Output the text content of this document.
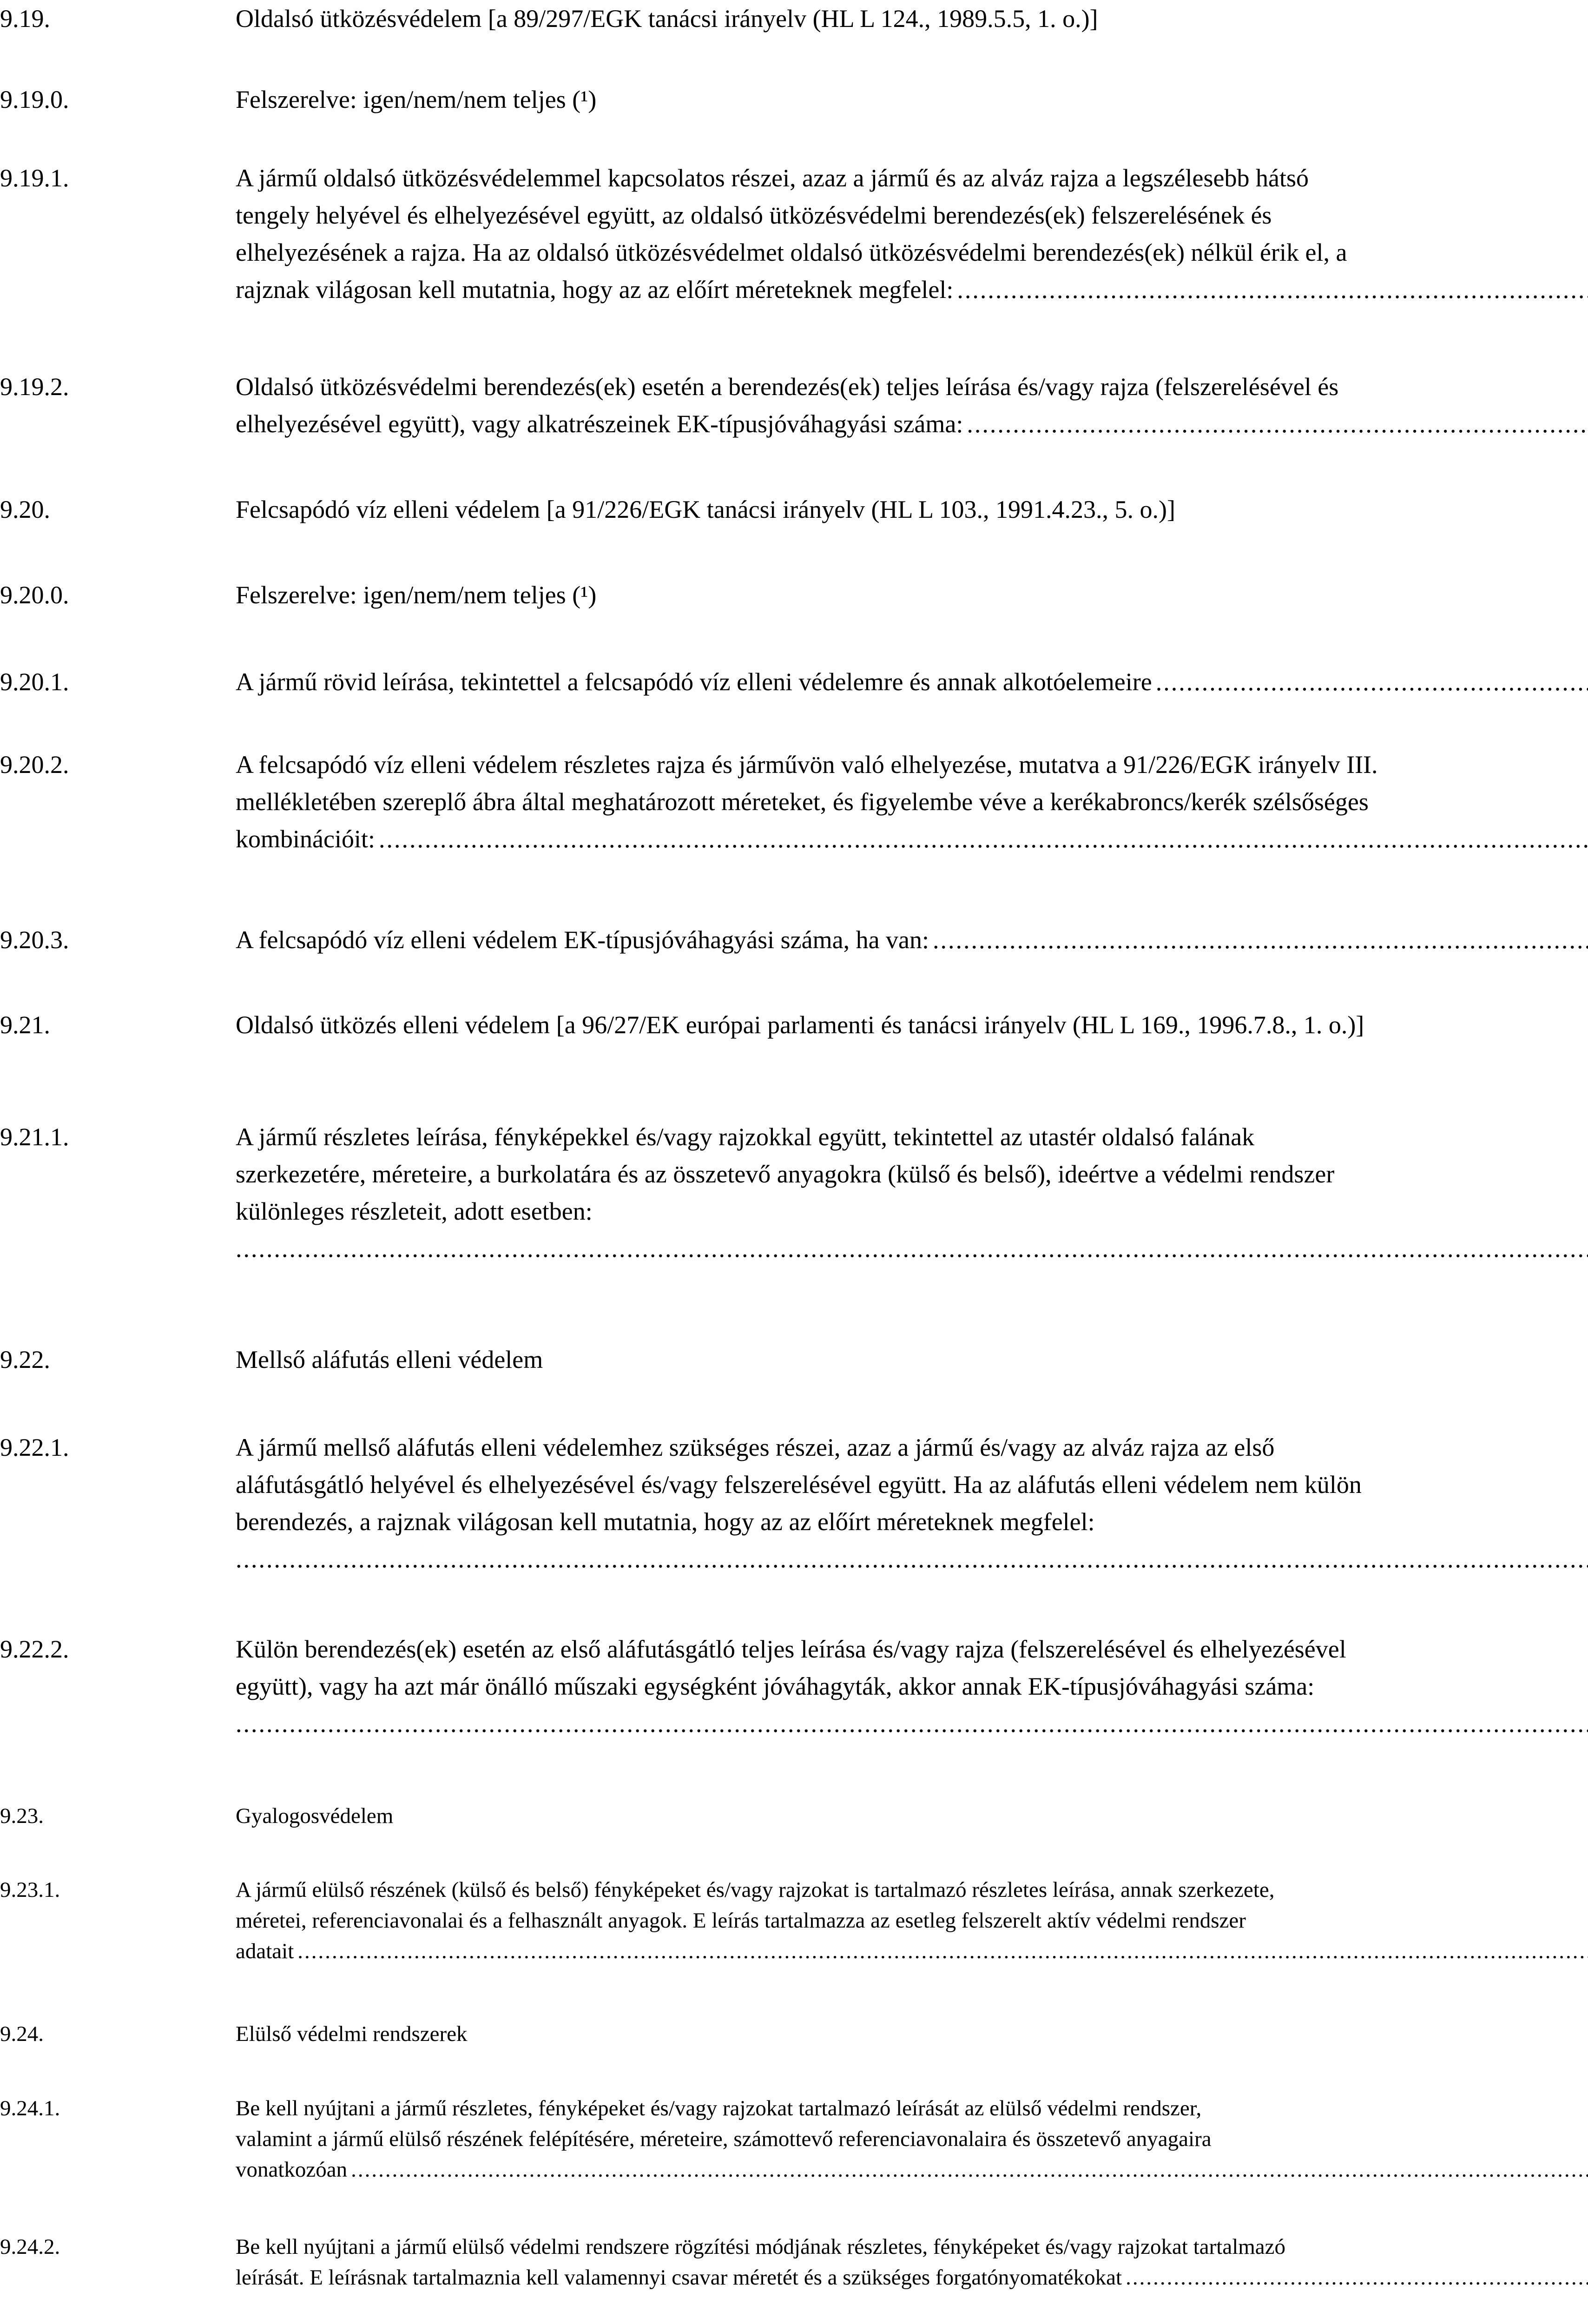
9.19.	Oldalsó ütközésvédelem [a 89/297/EGK tanácsi irányelv (HL L 124., 1989.5.5, 1. o.)]
9.19.0.	Felszerelve: igen/nem/nem teljes (¹)
9.19.1.	A jármű oldalsó ütközésvédelemmel kapcsolatos részei, azaz a jármű és az alváz rajza a legszélesebb hátsó
tengely helyével és elhelyezésével együtt, az oldalsó ütközésvédelmi berendezés(ek) felszerelésének és
elhelyezésének a rajza. Ha az oldalsó ütközésvédelmet oldalsó ütközésvédelmi berendezés(ek) nélkül érik el, a
rajznak világosan kell mutatnia, hogy az az előírt méreteknek megfelel:
.....
9.19.2.	Oldalsó ütközésvédelmi berendezés(ek) esetén a berendezés(ek) teljes leírása és/vagy rajza (felszerelésével és
elhelyezésével együtt), vagy alkatrészeinek EK-típusjóváhagyási száma:
.....
9.20.	Felcsapódó víz elleni védelem [a 91/226/EGK tanácsi irányelv (HL L 103., 1991.4.23., 5. o.)]
9.20.0.	Felszerelve: igen/nem/nem teljes (¹)
9.20.1.	A jármű rövid leírása, tekintettel a felcsapódó víz elleni védelemre és annak alkotóelemeire
.....
9.20.2.	A felcsapódó víz elleni védelem részletes rajza és járművön való elhelyezése, mutatva a 91/226/EGK irányelv III.
mellékletében szereplő ábra által meghatározott méreteket, és figyelembe véve a kerékabroncs/kerék szélsőséges
kombinációit:
.....
9.20.3.	A felcsapódó víz elleni védelem EK-típusjóváhagyási száma, ha van:
.....
9.21.	Oldalsó ütközés elleni védelem [a 96/27/EK európai parlamenti és tanácsi irányelv (HL L 169., 1996.7.8., 1. o.)]
9.21.1.	A jármű részletes leírása, fényképekkel és/vagy rajzokkal együtt, tekintettel az utastér oldalsó falának
szerkezetére, méreteire, a burkolatára és az összetevő anyagokra (külső és belső), ideértve a védelmi rendszer
különleges részleteit, adott esetben:
.....
9.22.	Mellső aláfutás elleni védelem
9.22.1.	A jármű mellső aláfutás elleni védelemhez szükséges részei, azaz a jármű és/vagy az alváz rajza az első
aláfutásgátló helyével és elhelyezésével és/vagy felszerelésével együtt. Ha az aláfutás elleni védelem nem külön
berendezés, a rajznak világosan kell mutatnia, hogy az az előírt méreteknek megfelel:
.....
9.22.2.	Külön berendezés(ek) esetén az első aláfutásgátló teljes leírása és/vagy rajza (felszerelésével és elhelyezésével
együtt), vagy ha azt már önálló műszaki egységként jóváhagyták, akkor annak EK-típusjóváhagyási száma:
.....
9.23.	Gyalogosvédelem
9.23.1.	A jármű elülső részének (külső és belső) fényképeket és/vagy rajzokat is tartalmazó részletes leírása, annak szerkezete,
méretei, referenciavonalai és a felhasznált anyagok. E leírás tartalmazza az esetleg felszerelt aktív védelmi rendszer
adatait
.....
9.24.	Elülső védelmi rendszerek
9.24.1.	Be kell nyújtani a jármű részletes, fényképeket és/vagy rajzokat tartalmazó leírását az elülső védelmi rendszer,
valamint a jármű elülső részének felépítésére, méreteire, számottevő referenciavonalaira és összetevő anyagaira
vonatkozóan
.....
9.24.2.	Be kell nyújtani a jármű elülső védelmi rendszere rögzítési módjának részletes, fényképeket és/vagy rajzokat tartalmazó
leírását. E leírásnak tartalmaznia kell valamennyi csavar méretét és a szükséges forgatónyomatékokat
.....
